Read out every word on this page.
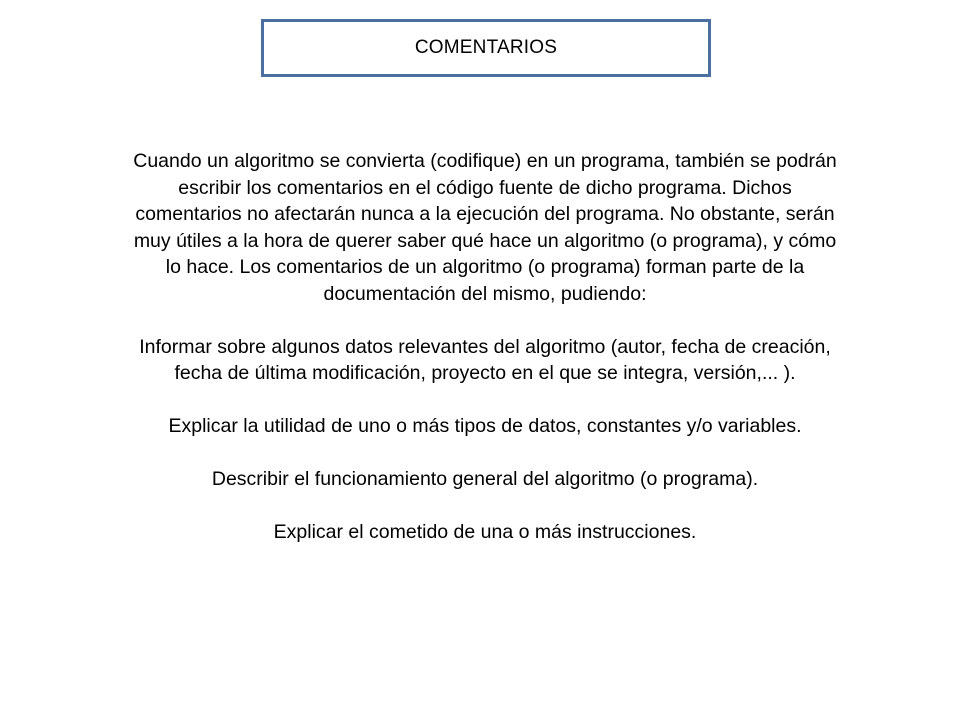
COMENTARIOS

Cuando un algoritmo se convierta (codifique) en un programa, también se podrán escribir los comentarios en el código fuente de dicho programa. Dichos comentarios no afectarán nunca a la ejecución del programa. No obstante, serán muy útiles a la hora de querer saber qué hace un algoritmo (o programa), y cómo lo hace. Los comentarios de un algoritmo (o programa) forman parte de la documentación del mismo, pudiendo:

Informar sobre algunos datos relevantes del algoritmo (autor, fecha de creación, fecha de última modificación, proyecto en el que se integra, versión,... ).

Explicar la utilidad de uno o más tipos de datos, constantes y/o variables.

Describir el funcionamiento general del algoritmo (o programa).

Explicar el cometido de una o más instrucciones.
